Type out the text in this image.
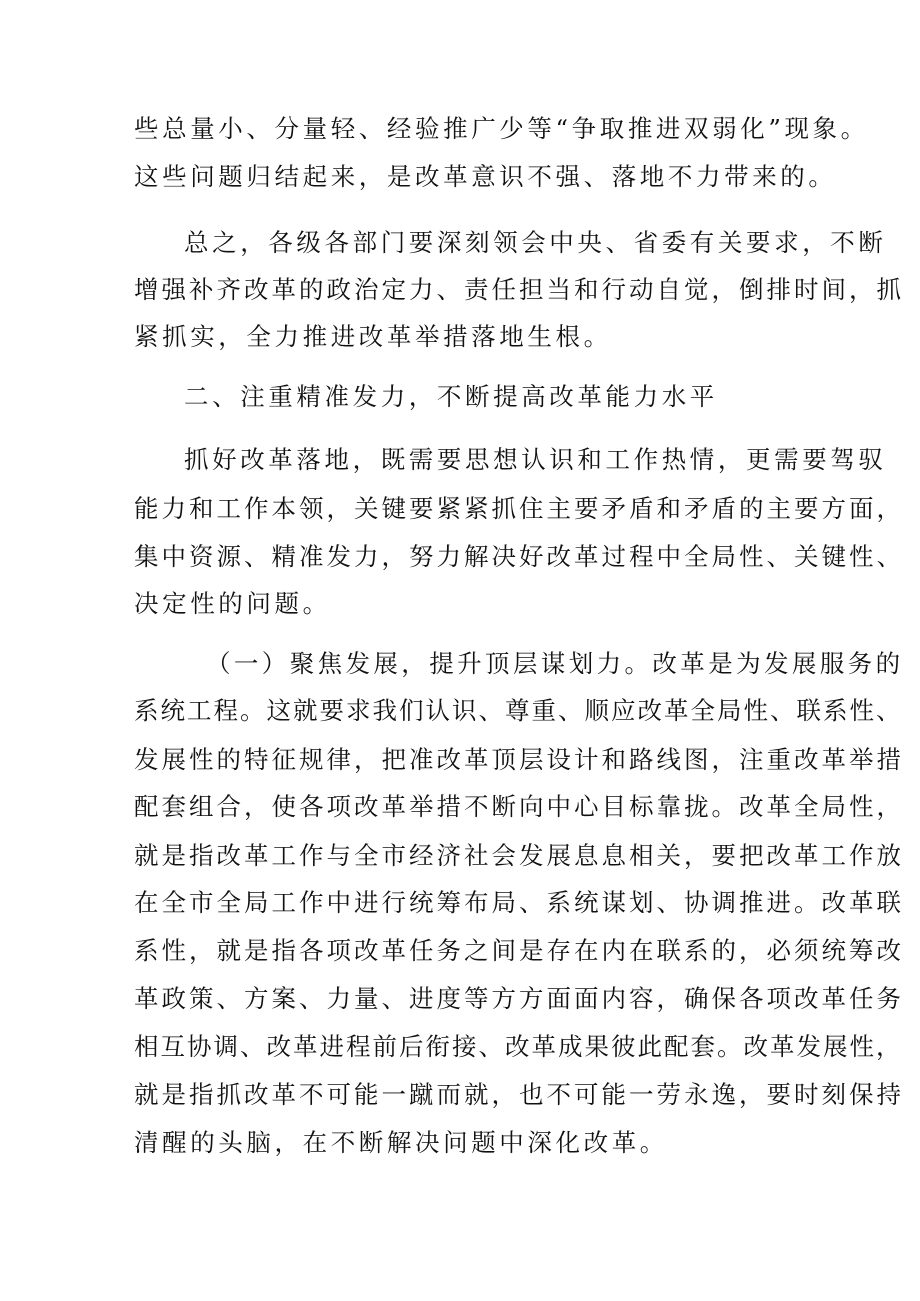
些总量小、分量轻、经验推广少等“争取推进双弱化”现象。

这些问题归结起来，是改革意识不强、落地不力带来的。

总之，各级各部门要深刻领会中央、省委有关要求，不断

增强补齐改革的政治定力、责任担当和行动自觉，倒排时间，抓

紧抓实，全力推进改革举措落地生根。

二、注重精准发力，不断提高改革能力水平

抓好改革落地，既需要思想认识和工作热情，更需要驾驭

能力和工作本领，关键要紧紧抓住主要矛盾和矛盾的主要方面，

集中资源、精准发力，努力解决好改革过程中全局性、关键性、

决定性的问题。

（一）聚焦发展，提升顶层谋划力。改革是为发展服务的

系统工程。这就要求我们认识、尊重、顺应改革全局性、联系性、

发展性的特征规律，把准改革顶层设计和路线图，注重改革举措

配套组合，使各项改革举措不断向中心目标靠拢。改革全局性，

就是指改革工作与全市经济社会发展息息相关，要把改革工作放

在全市全局工作中进行统筹布局、系统谋划、协调推进。改革联

系性，就是指各项改革任务之间是存在内在联系的，必须统筹改

革政策、方案、力量、进度等方方面面内容，确保各项改革任务

相互协调、改革进程前后衔接、改革成果彼此配套。改革发展性，

就是指抓改革不可能一蹴而就，也不可能一劳永逸，要时刻保持

清醒的头脑，在不断解决问题中深化改革。
